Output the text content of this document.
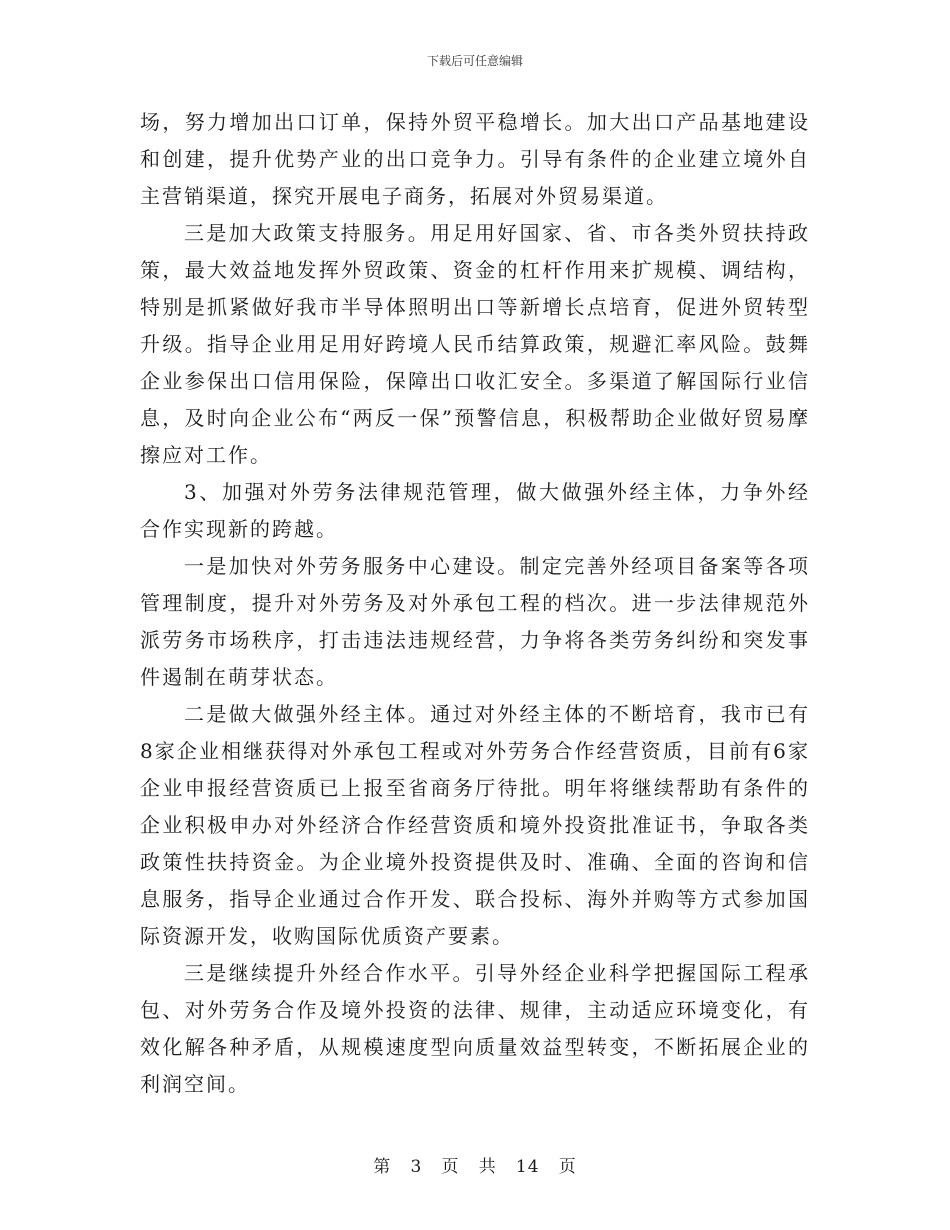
下载后可任意编辑

场，努力增加出口订单，保持外贸平稳增长。加大出口产品基地建设和创建，提升优势产业的出口竞争力。引导有条件的企业建立境外自主营销渠道，探究开展电子商务，拓展对外贸易渠道。

三是加大政策支持服务。用足用好国家、省、市各类外贸扶持政策，最大效益地发挥外贸政策、资金的杠杆作用来扩规模、调结构，特别是抓紧做好我市半导体照明出口等新增长点培育，促进外贸转型升级。指导企业用足用好跨境人民币结算政策，规避汇率风险。鼓舞企业参保出口信用保险，保障出口收汇安全。多渠道了解国际行业信息，及时向企业公布“两反一保”预警信息，积极帮助企业做好贸易摩擦应对工作。

3、加强对外劳务法律规范管理，做大做强外经主体，力争外经合作实现新的跨越。

一是加快对外劳务服务中心建设。制定完善外经项目备案等各项管理制度，提升对外劳务及对外承包工程的档次。进一步法律规范外派劳务市场秩序，打击违法违规经营，力争将各类劳务纠纷和突发事件遏制在萌芽状态。

二是做大做强外经主体。通过对外经主体的不断培育，我市已有8家企业相继获得对外承包工程或对外劳务合作经营资质，目前有6家企业申报经营资质已上报至省商务厅待批。明年将继续帮助有条件的企业积极申办对外经济合作经营资质和境外投资批准证书，争取各类政策性扶持资金。为企业境外投资提供及时、准确、全面的咨询和信息服务，指导企业通过合作开发、联合投标、海外并购等方式参加国际资源开发，收购国际优质资产要素。

三是继续提升外经合作水平。引导外经企业科学把握国际工程承包、对外劳务合作及境外投资的法律、规律，主动适应环境变化，有效化解各种矛盾，从规模速度型向质量效益型转变，不断拓展企业的利润空间。

第 3 页 共 14 页
